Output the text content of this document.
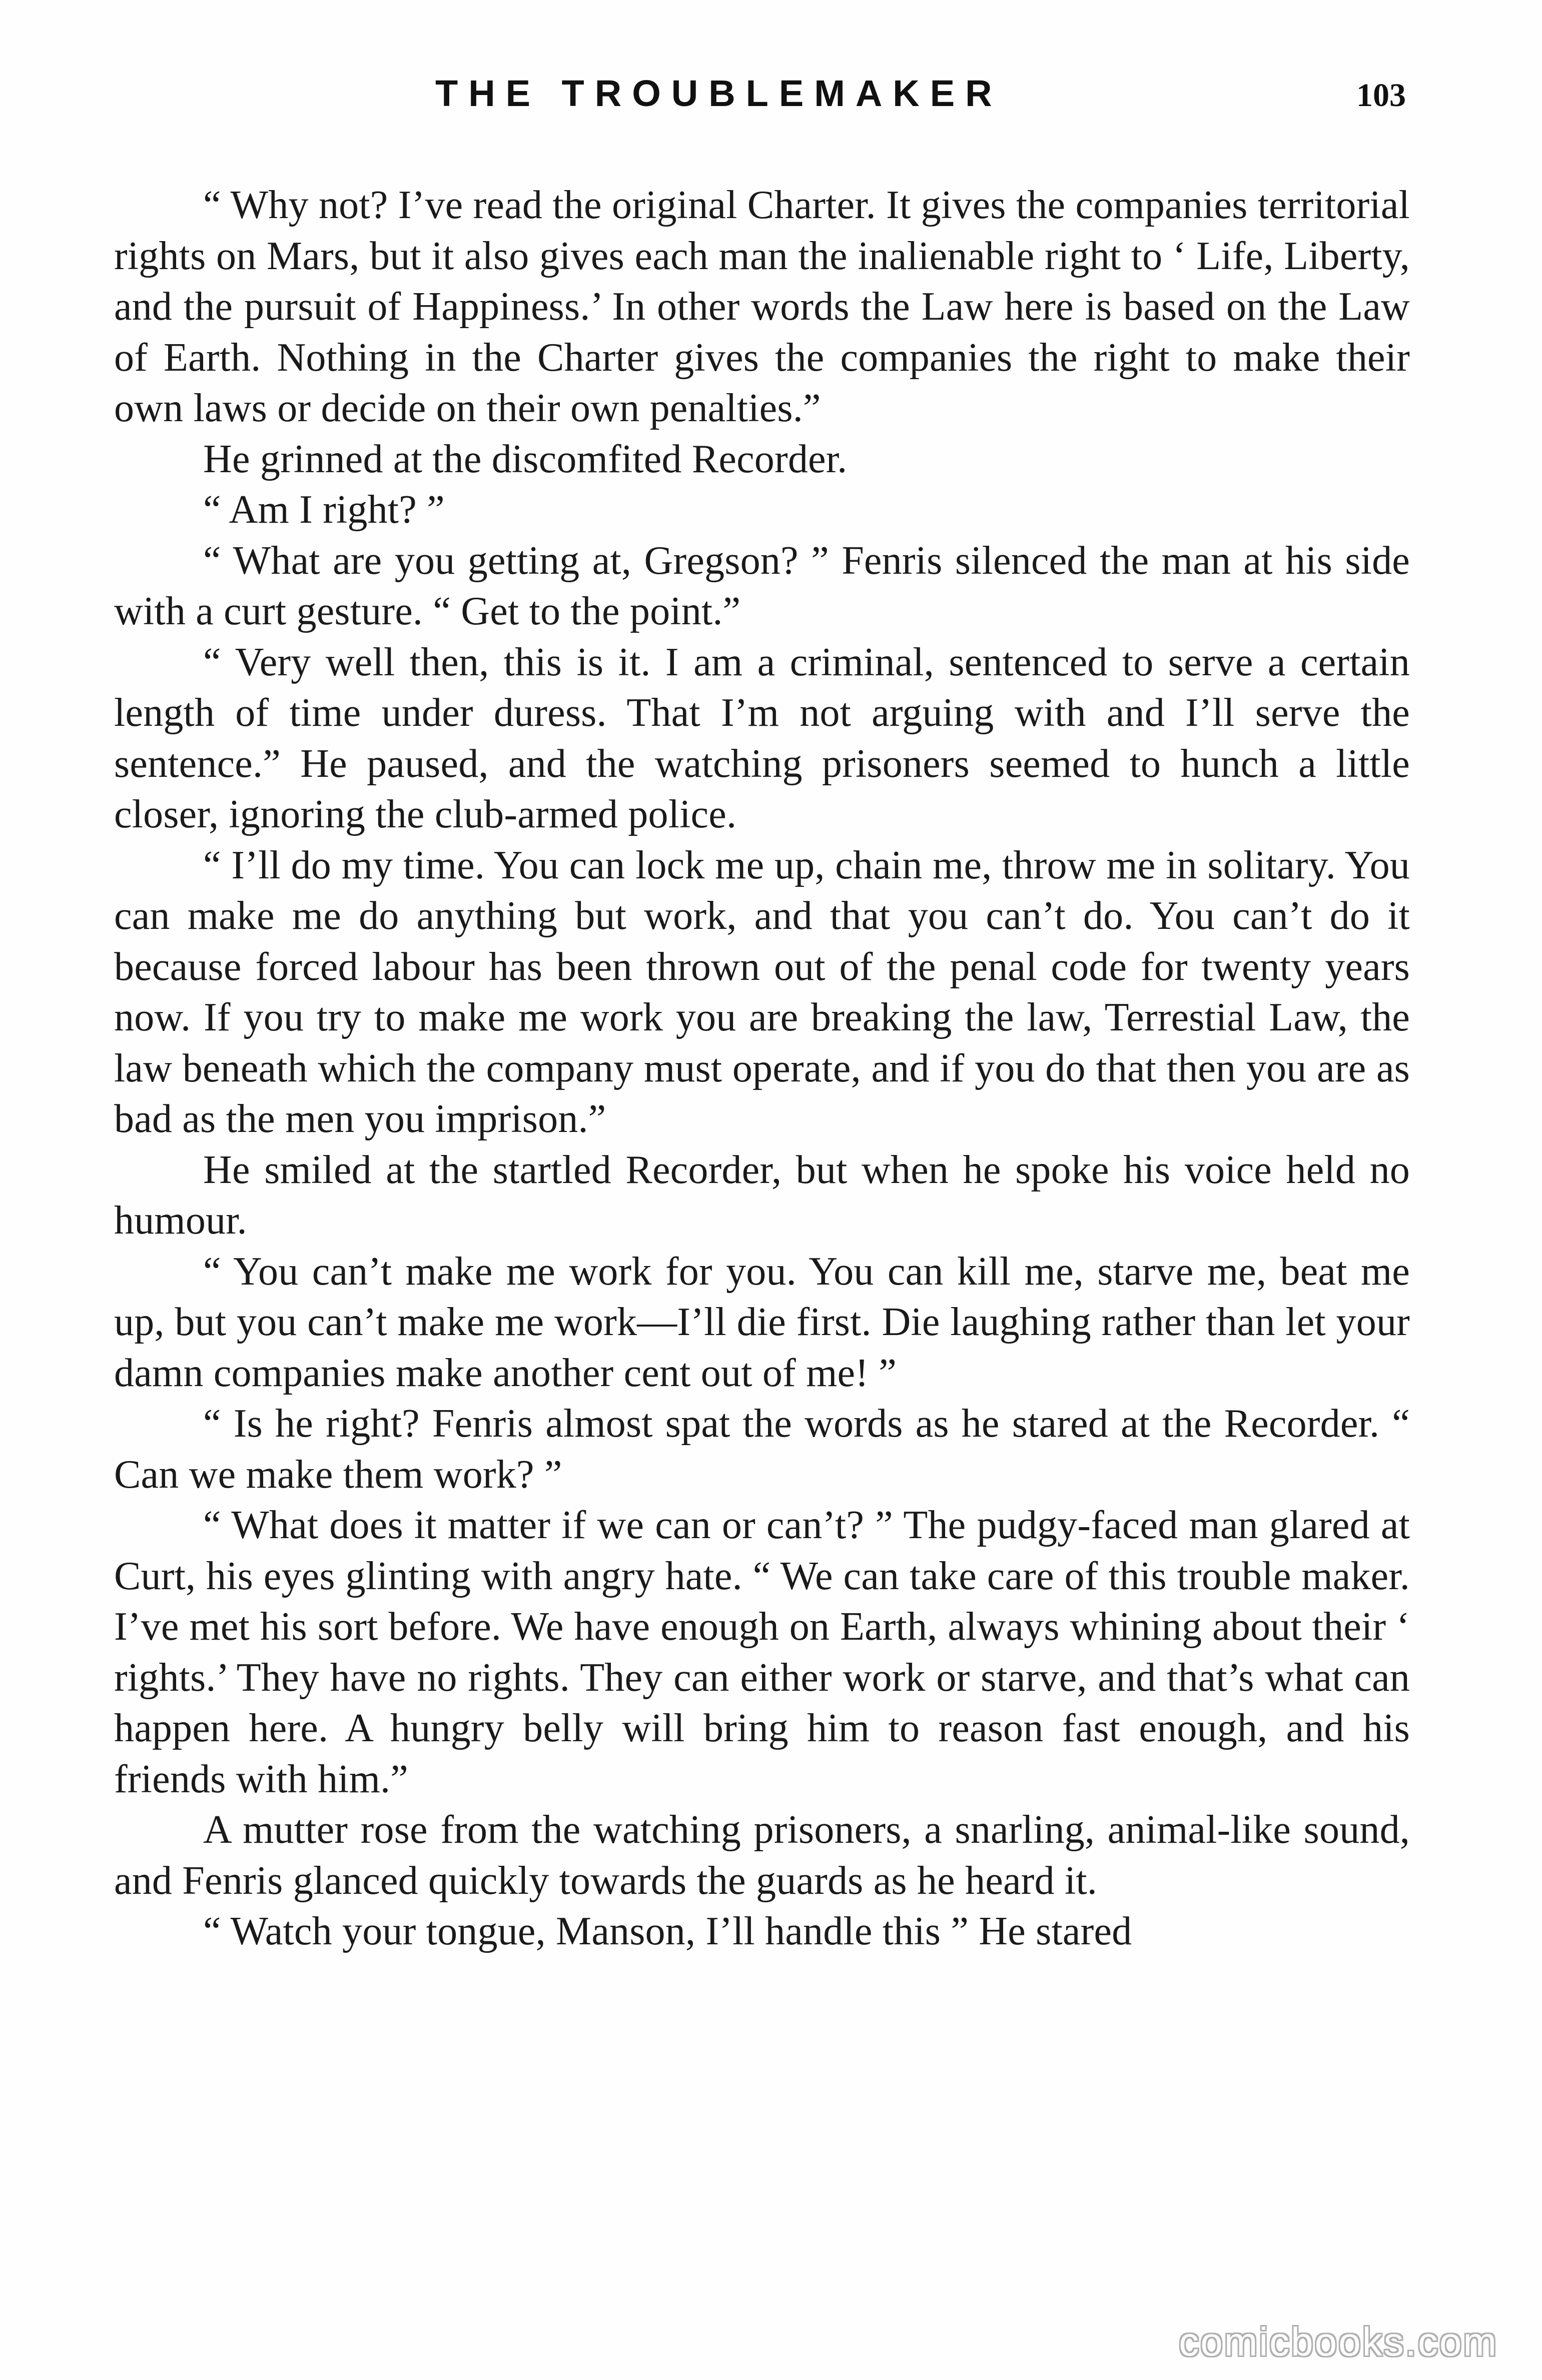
THE TROUBLEMAKER	103

“ Why not? I’ve read the original Charter. It gives the companies territorial rights on Mars, but it also gives each man the inalienable right to ‘ Life, Liberty, and the pursuit of Happiness.’ In other words the Law here is based on the Law of Earth. Nothing in the Charter gives the companies the right to make their own laws or decide on their own penalties.”

He grinned at the discomfited Recorder.

“ Am I right? ”

“ What are you getting at, Gregson? ” Fenris silenced the man at his side with a curt gesture. “ Get to the point.”

“ Very well then, this is it. I am a criminal, sentenced to serve a certain length of time under duress. That I’m not arguing with and I’ll serve the sentence.” He paused, and the watching prisoners seemed to hunch a little closer, ignoring the club-armed police.

“ I’ll do my time. You can lock me up, chain me, throw me in solitary. You can make me do anything but work, and that you can’t do. You can’t do it because forced labour has been thrown out of the penal code for twenty years now. If you try to make me work you are breaking the law, Terrestial Law, the law beneath which the company must operate, and if you do that then you are as bad as the men you imprison.”

He smiled at the startled Recorder, but when he spoke his voice held no humour.

“ You can’t make me work for you. You can kill me, starve me, beat me up, but you can’t make me work—I’ll die first. Die laughing rather than let your damn companies make another cent out of me! ”

“ Is he right? Fenris almost spat the words as he stared at the Recorder. “ Can we make them work? ”

“ What does it matter if we can or can’t? ” The pudgy-faced man glared at Curt, his eyes glinting with angry hate. “ We can take care of this trouble maker. I’ve met his sort before. We have enough on Earth, always whining about their ‘ rights.’ They have no rights. They can either work or starve, and that’s what can happen here. A hungry belly will bring him to reason fast enough, and his friends with him.”

A mutter rose from the watching prisoners, a snarling, animal-like sound, and Fenris glanced quickly towards the guards as he heard it.

“ Watch your tongue, Manson, I’ll handle this ” He stared

comicbooks.com
